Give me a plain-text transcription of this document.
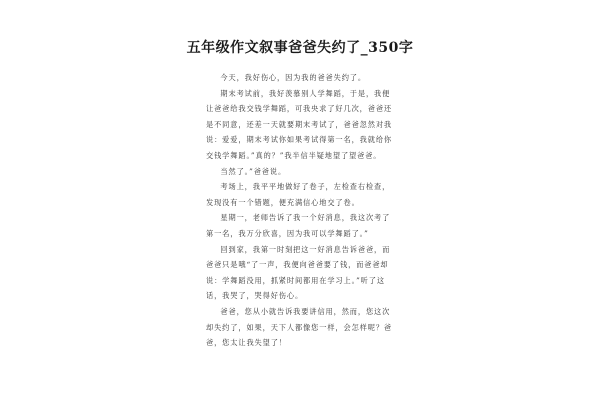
五年级作文叙事爸爸失约了_350字

今天，我好伤心，因为我的爸爸失约了。

期末考试前，我好羡慕别人学舞蹈，于是，我便让爸爸给我交钱学舞蹈，可我央求了好几次，爸爸还是不同意，还差一天就要期末考试了，爸爸忽然对我说：爱爱，期末考试你如果考试得第一名，我就给你交钱学舞蹈。”真的？”我半信半疑地望了望爸爸。

当然了。”爸爸说。

考场上，我平平地做好了卷子，左检查右检查，发现没有一个错题，便充满信心地交了卷。

星期一，老师告诉了我一个好消息，我这次考了第一名，我万分欣喜，因为我可以学舞蹈了。”

回到家，我第一时刻把这一好消息告诉爸爸，而爸爸只是哦“了一声，我便向爸爸要了钱，而爸爸却说：学舞蹈没用，抓紧时间都用在学习上。”听了这话，我哭了，哭得好伤心。

爸爸，您从小就告诉我要讲信用，然而，您这次却失约了，如果，天下人都像您一样，会怎样呢？爸爸，您太让我失望了！
